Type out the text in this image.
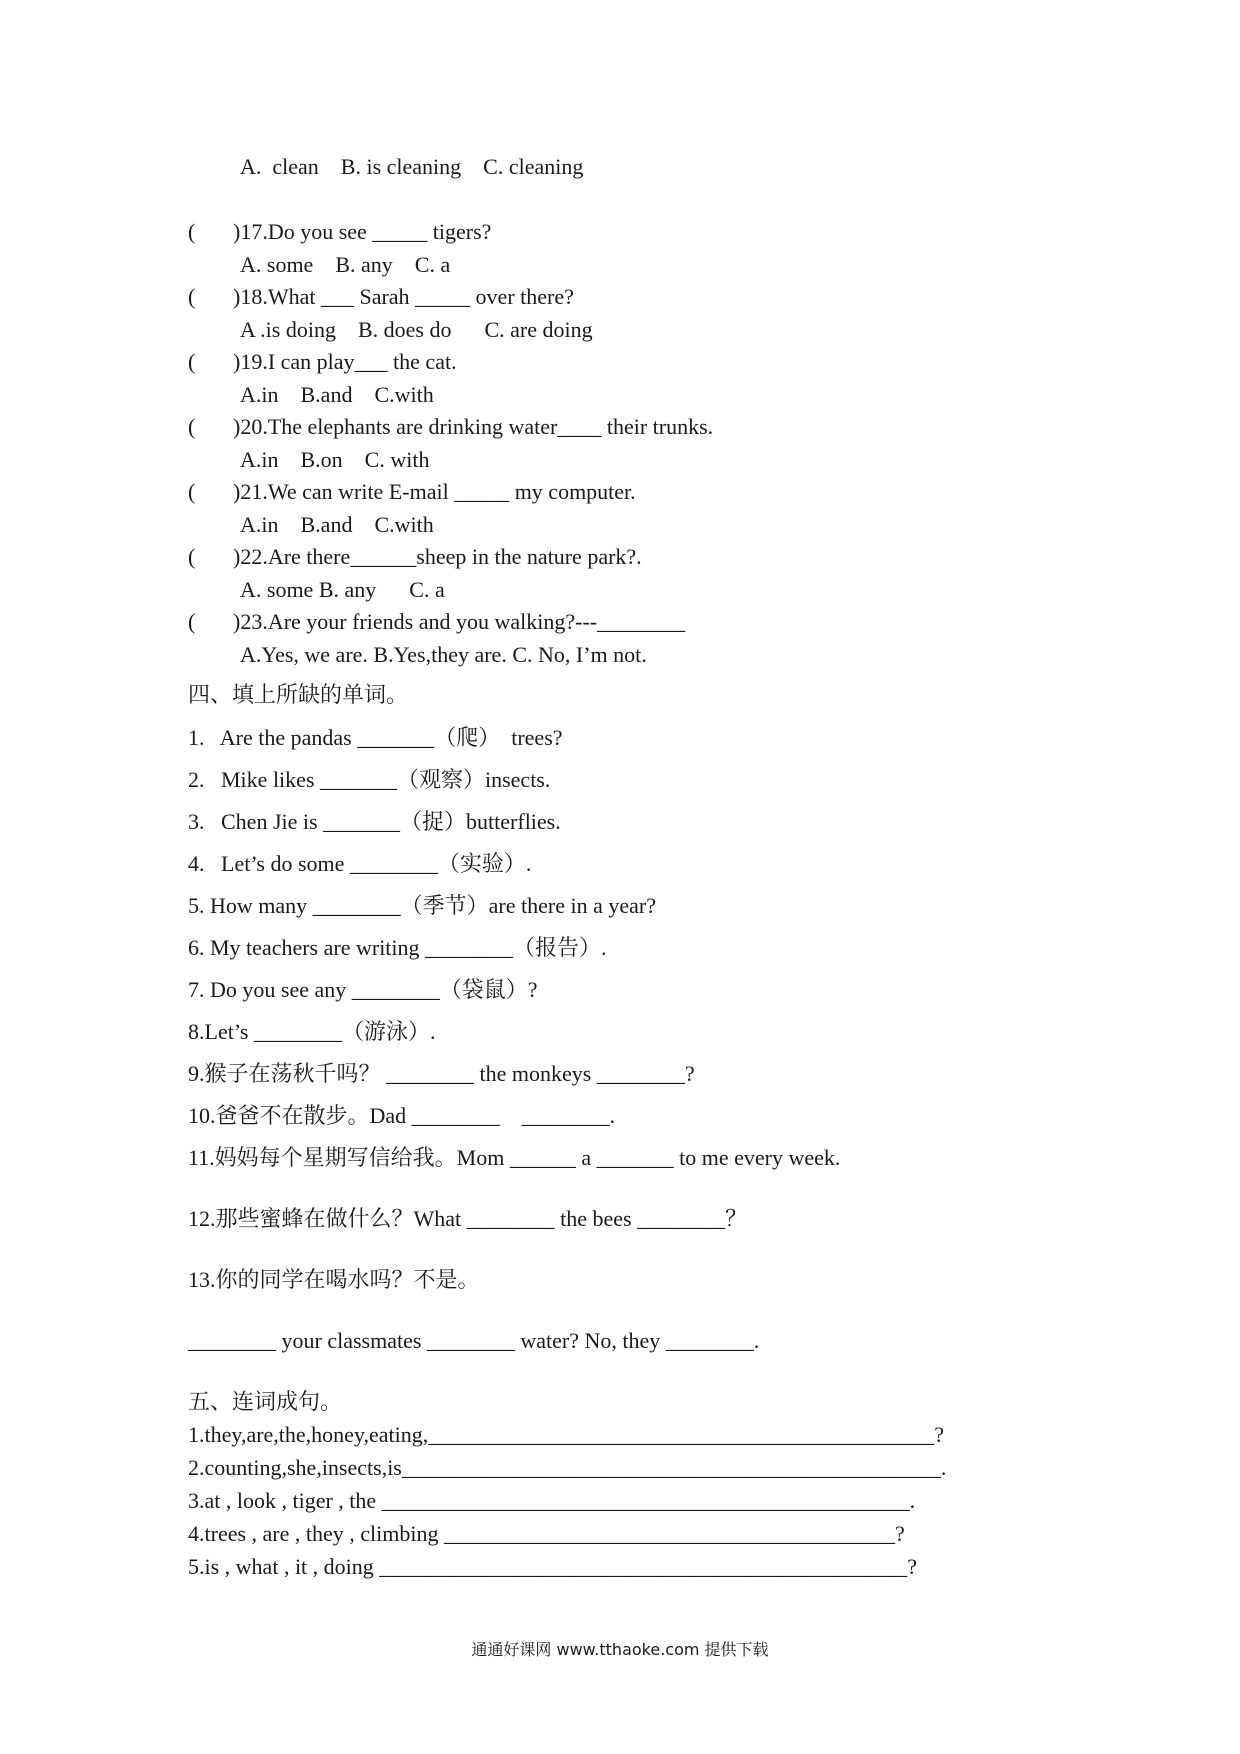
A.  clean    B. is cleaning    C. cleaning
( )17.Do you see _____ tigers?
A. some    B. any    C. a
( )18.What ___ Sarah _____ over there?
A .is doing    B. does do      C. are doing
( )19.I can play___ the cat.
A.in    B.and    C.with
( )20.The elephants are drinking water____ their trunks.
A.in    B.on    C. with
( )21.We can write E-mail _____ my computer.
A.in    B.and    C.with
( )22.Are there______sheep in the nature park?.
A. some B. any      C. a
( )23.Are your friends and you walking?---________
A.Yes, we are. B.Yes,they are. C. No, I’m not.
四、填上所缺的单词。
1.   Are the pandas _______（爬）  trees?
2.   Mike likes _______（观察）insects.
3.   Chen Jie is _______（捉）butterflies.
4.   Let’s do some ________（实验）.
5. How many ________（季节）are there in a year?
6. My teachers are writing ________（报告）.
7. Do you see any ________（袋鼠）?
8.Let’s ________（游泳）.
9.猴子在荡秋千吗？ ________ the monkeys ________?
10.爸爸不在散步。Dad ________    ________.
11.妈妈每个星期写信给我。Mom ______ a _______ to me every week.
12.那些蜜蜂在做什么？What ________ the bees ________？
13.你的同学在喝水吗？不是。
________ your classmates ________ water? No, they ________.
五、连词成句。
1.they,are,the,honey,eating,______________________________________________?
2.counting,she,insects,is_________________________________________________.
3.at , look , tiger , the ________________________________________________.
4.trees , are , they , climbing _________________________________________?
5.is , what , it , doing ________________________________________________?
通通好课网 www.tthaoke.com 提供下载
